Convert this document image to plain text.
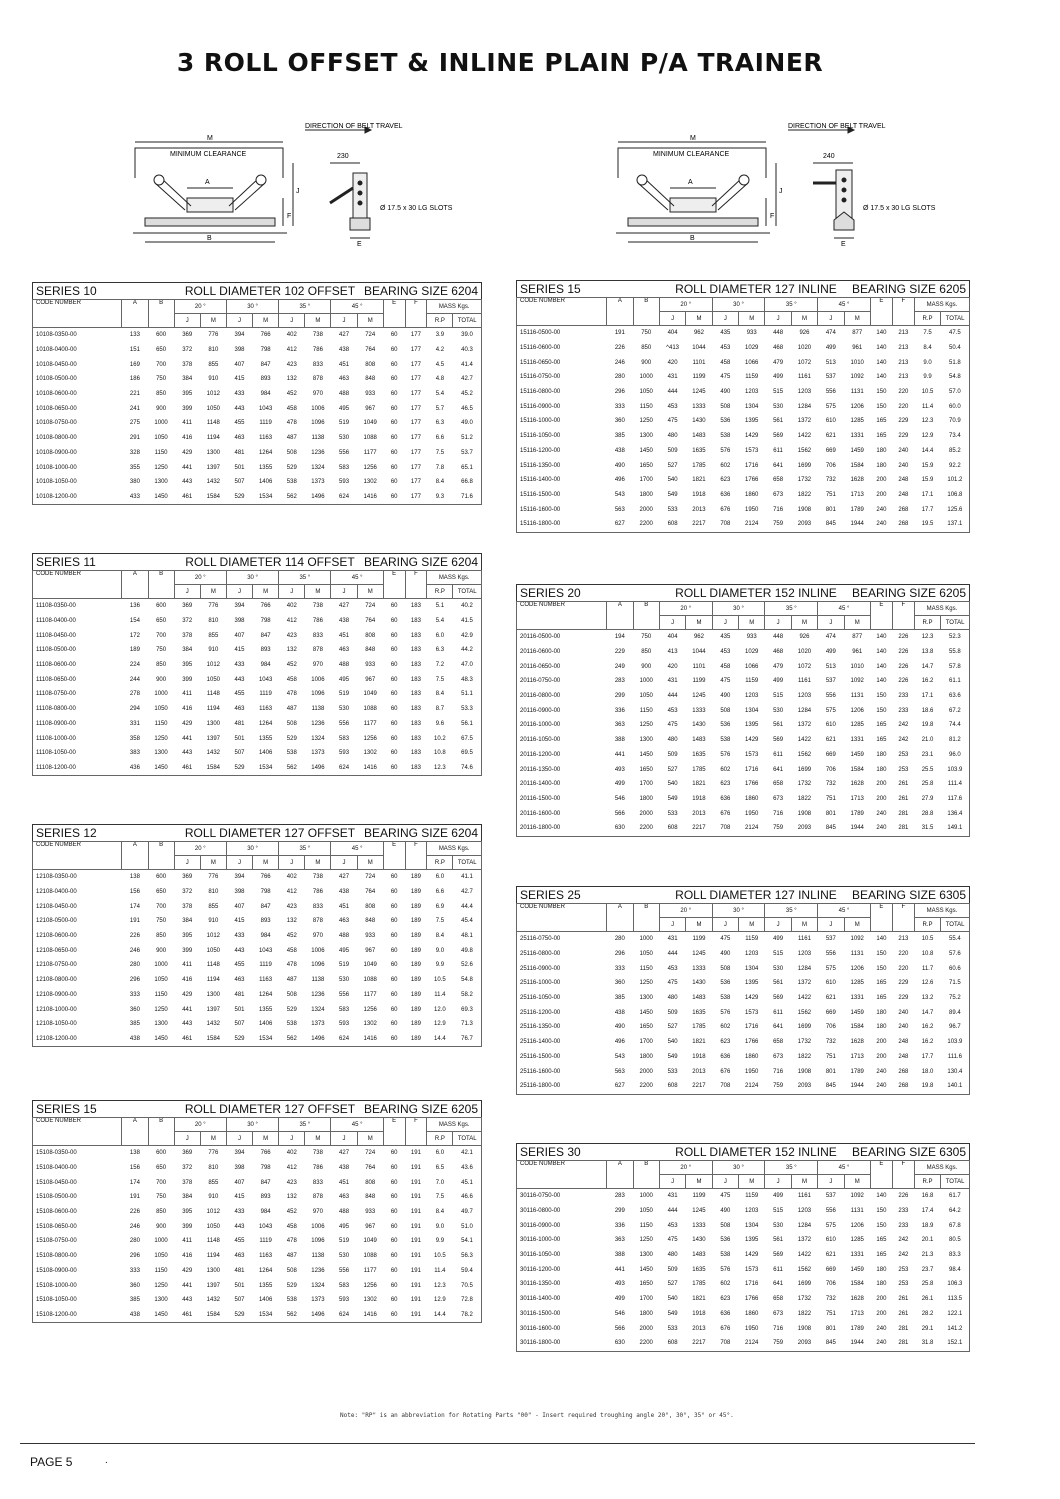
3 ROLL OFFSET & INLINE PLAIN P/A TRAINER
DIRECTION OF BELT TRAVEL
230
M
MINIMUM CLEARANCE
A
B
F
J
E
Ø 17.5 x 30 LG SLOTS
DIRECTION OF BELT TRAVEL
240
M
MINIMUM CLEARANCE
A
B
F
J
E
Ø 17.5 x 30 LG SLOTS
SERIES 10	ROLL DIAMETER 102 OFFSET BEARING SIZE 6204
CODE NUMBER	A	B	20 °		30 °		35 °		45 °		E	F	MASS Kgs.	
			J	M	J	M	J	M	J	M			R.P	TOTAL
10108-0350-00	133	600	369	776	394	766	402	738	427	724	60	177	3.9	39.0
10108-0400-00	151	650	372	810	398	798	412	786	438	764	60	177	4.2	40.3
10108-0450-00	169	700	378	855	407	847	423	833	451	808	60	177	4.5	41.4
10108-0500-00	186	750	384	910	415	893	132	878	463	848	60	177	4.8	42.7
10108-0600-00	221	850	395	1012	433	984	452	970	488	933	60	177	5.4	45.2
10108-0650-00	241	900	399	1050	443	1043	458	1006	495	967	60	177	5.7	46.5
10108-0750-00	275	1000	411	1148	455	1119	478	1096	519	1049	60	177	6.3	49.0
10108-0800-00	291	1050	416	1194	463	1163	487	1138	530	1088	60	177	6.6	51.2
10108-0900-00	328	1150	429	1300	481	1264	508	1236	556	1177	60	177	7.5	53.7
10108-1000-00	355	1250	441	1397	501	1355	529	1324	583	1256	60	177	7.8	65.1
10108-1050-00	380	1300	443	1432	507	1406	538	1373	593	1302	60	177	8.4	66.8
10108-1200-00	433	1450	461	1584	529	1534	562	1496	624	1416	60	177	9.3	71.6
SERIES 11	ROLL DIAMETER 114 OFFSET BEARING SIZE 6204
CODE NUMBER	A	B	20 °		30 °		35 °		45 °		E	F	MASS Kgs.	
			J	M	J	M	J	M	J	M			R.P	TOTAL
11108-0350-00	136	600	369	776	394	766	402	738	427	724	60	183	5.1	40.2
11108-0400-00	154	650	372	810	398	798	412	786	438	764	60	183	5.4	41.5
11108-0450-00	172	700	378	855	407	847	423	833	451	808	60	183	6.0	42.9
11108-0500-00	189	750	384	910	415	893	132	878	463	848	60	183	6.3	44.2
11108-0600-00	224	850	395	1012	433	984	452	970	488	933	60	183	7.2	47.0
11108-0650-00	244	900	399	1050	443	1043	458	1006	495	967	60	183	7.5	48.3
11108-0750-00	278	1000	411	1148	455	1119	478	1096	519	1049	60	183	8.4	51.1
11108-0800-00	294	1050	416	1194	463	1163	487	1138	530	1088	60	183	8.7	53.3
11108-0900-00	331	1150	429	1300	481	1264	508	1236	556	1177	60	183	9.6	56.1
11108-1000-00	358	1250	441	1397	501	1355	529	1324	583	1256	60	183	10.2	67.5
11108-1050-00	383	1300	443	1432	507	1406	538	1373	593	1302	60	183	10.8	69.5
11108-1200-00	436	1450	461	1584	529	1534	562	1496	624	1416	60	183	12.3	74.6
SERIES 12	ROLL DIAMETER 127 OFFSET BEARING SIZE 6204
CODE NUMBER	A	B	20 °		30 °		35 °		45 °		E	F	MASS Kgs.	
			J	M	J	M	J	M	J	M			R.P	TOTAL
12108-0350-00	138	600	369	776	394	766	402	738	427	724	60	189	6.0	41.1
12108-0400-00	156	650	372	810	398	798	412	786	438	764	60	189	6.6	42.7
12108-0450-00	174	700	378	855	407	847	423	833	451	808	60	189	6.9	44.4
12108-0500-00	191	750	384	910	415	893	132	878	463	848	60	189	7.5	45.4
12108-0600-00	226	850	395	1012	433	984	452	970	488	933	60	189	8.4	48.1
12108-0650-00	246	900	399	1050	443	1043	458	1006	495	967	60	189	9.0	49.8
12108-0750-00	280	1000	411	1148	455	1119	478	1096	519	1049	60	189	9.9	52.6
12108-0800-00	296	1050	416	1194	463	1163	487	1138	530	1088	60	189	10.5	54.8
12108-0900-00	333	1150	429	1300	481	1264	508	1236	556	1177	60	189	11.4	58.2
12108-1000-00	360	1250	441	1397	501	1355	529	1324	583	1256	60	189	12.0	69.3
12108-1050-00	385	1300	443	1432	507	1406	538	1373	593	1302	60	189	12.9	71.3
12108-1200-00	438	1450	461	1584	529	1534	562	1496	624	1416	60	189	14.4	76.7
SERIES 15	ROLL DIAMETER 127 OFFSET BEARING SIZE 6205
CODE NUMBER	A	B	20 °		30 °		35 °		45 °		E	F	MASS Kgs.	
			J	M	J	M	J	M	J	M			R.P	TOTAL
15108-0350-00	138	600	369	776	394	766	402	738	427	724	60	191	6.0	42.1
15108-0400-00	156	650	372	810	398	798	412	786	438	764	60	191	6.5	43.6
15108-0450-00	174	700	378	855	407	847	423	833	451	808	60	191	7.0	45.1
15108-0500-00	191	750	384	910	415	893	132	878	463	848	60	191	7.5	46.6
15108-0600-00	226	850	395	1012	433	984	452	970	488	933	60	191	8.4	49.7
15108-0650-00	246	900	399	1050	443	1043	458	1006	495	967	60	191	9.0	51.0
15108-0750-00	280	1000	411	1148	455	1119	478	1096	519	1049	60	191	9.9	54.1
15108-0800-00	296	1050	416	1194	463	1163	487	1138	530	1088	60	191	10.5	56.3
15108-0900-00	333	1150	429	1300	481	1264	508	1236	556	1177	60	191	11.4	59.4
15108-1000-00	360	1250	441	1397	501	1355	529	1324	583	1256	60	191	12.3	70.5
15108-1050-00	385	1300	443	1432	507	1406	538	1373	593	1302	60	191	12.9	72.8
15108-1200-00	438	1450	461	1584	529	1534	562	1496	624	1416	60	191	14.4	78.2
SERIES 15	ROLL DIAMETER 127 INLINE	BEARING SIZE 6205
CODE NUMBER	A	B	20 °		30 °		35 °		45 °		E	F	MASS Kgs.	
			J	M	J	M	J	M	J	M			R.P	TOTAL
15116-0500-00	191	750	404	962	435	933	448	926	474	877	140	213	7.5	47.5
15116-0600-00	226	850	^413	1044	453	1029	468	1020	499	961	140	213	8.4	50.4
15116-0650-00	246	900	420	1101	458	1066	479	1072	513	1010	140	213	9.0	51.8
15116-0750-00	280	1000	431	1199	475	1159	499	1161	537	1092	140	213	9.9	54.8
15116-0800-00	296	1050	444	1245	490	1203	515	1203	556	1131	150	220	10.5	57.0
15116-0900-00	333	1150	453	1333	508	1304	530	1284	575	1206	150	220	11.4	60.0
15116-1000-00	360	1250	475	1430	536	1395	561	1372	610	1285	165	229	12.3	70.9
15116-1050-00	385	1300	480	1483	538	1429	569	1422	621	1331	165	229	12.9	73.4
15116-1200-00	438	1450	509	1635	576	1573	611	1562	669	1459	180	240	14.4	85.2
15116-1350-00	490	1650	527	1785	602	1716	641	1699	706	1584	180	240	15.9	92.2
15116-1400-00	496	1700	540	1821	623	1766	658	1732	732	1628	200	248	15.9	101.2
15116-1500-00	543	1800	549	1918	636	1860	673	1822	751	1713	200	248	17.1	106.8
15116-1600-00	563	2000	533	2013	676	1950	716	1908	801	1789	240	268	17.7	125.6
15116-1800-00	627	2200	608	2217	708	2124	759	2093	845	1944	240	268	19.5	137.1
SERIES 20	ROLL DIAMETER 152 INLINE	BEARING SIZE 6205
CODE NUMBER	A	B	20 °		30 °		35 °		45 °		E	F	MASS Kgs.	
			J	M	J	M	J	M	J	M			R.P	TOTAL
20116-0500-00	194	750	404	962	435	933	448	926	474	877	140	226	12.3	52.3
20116-0600-00	229	850	413	1044	453	1029	468	1020	499	961	140	226	13.8	55.8
20116-0650-00	249	900	420	1101	458	1066	479	1072	513	1010	140	226	14.7	57.8
20116-0750-00	283	1000	431	1199	475	1159	499	1161	537	1092	140	226	16.2	61.1
20116-0800-00	299	1050	444	1245	490	1203	515	1203	556	1131	150	233	17.1	63.6
20116-0900-00	336	1150	453	1333	508	1304	530	1284	575	1206	150	233	18.6	67.2
20116-1000-00	363	1250	475	1430	536	1395	561	1372	610	1285	165	242	19.8	74.4
20116-1050-00	388	1300	480	1483	538	1429	569	1422	621	1331	165	242	21.0	81.2
20116-1200-00	441	1450	509	1635	576	1573	611	1562	669	1459	180	253	23.1	96.0
20116-1350-00	493	1650	527	1785	602	1716	641	1699	706	1584	180	253	25.5	103.9
20116-1400-00	499	1700	540	1821	623	1766	658	1732	732	1628	200	261	25.8	111.4
20116-1500-00	546	1800	549	1918	636	1860	673	1822	751	1713	200	261	27.9	117.6
20116-1600-00	566	2000	533	2013	676	1950	716	1908	801	1789	240	281	28.8	136.4
20116-1800-00	630	2200	608	2217	708	2124	759	2093	845	1944	240	281	31.5	149.1
SERIES 25	ROLL DIAMETER 127 INLINE	BEARING SIZE 6305
CODE NUMBER	A	B	20 °		30 °		35 °		45 °		E	F	MASS Kgs.	
			J	M	J	M	J	M	J	M			R.P	TOTAL
25116-0750-00	280	1000	431	1199	475	1159	499	1161	537	1092	140	213	10.5	55.4
25116-0800-00	296	1050	444	1245	490	1203	515	1203	556	1131	150	220	10.8	57.6
25116-0900-00	333	1150	453	1333	508	1304	530	1284	575	1206	150	220	11.7	60.6
25116-1000-00	360	1250	475	1430	536	1395	561	1372	610	1285	165	229	12.6	71.5
25116-1050-00	385	1300	480	1483	538	1429	569	1422	621	1331	165	229	13.2	75.2
25116-1200-00	438	1450	509	1635	576	1573	611	1562	669	1459	180	240	14.7	89.4
25116-1350-00	490	1650	527	1785	602	1716	641	1699	706	1584	180	240	16.2	96.7
25116-1400-00	496	1700	540	1821	623	1766	658	1732	732	1628	200	248	16.2	103.9
25116-1500-00	543	1800	549	1918	636	1860	673	1822	751	1713	200	248	17.7	111.6
25116-1600-00	563	2000	533	2013	676	1950	716	1908	801	1789	240	268	18.0	130.4
25116-1800-00	627	2200	608	2217	708	2124	759	2093	845	1944	240	268	19.8	140.1
SERIES 30	ROLL DIAMETER 152 INLINE	BEARING SIZE 6305
CODE NUMBER	A	B	20 °		30 °		35 °		45 °		E	F	MASS Kgs.	
			J	M	J	M	J	M	J	M			R.P	TOTAL
30116-0750-00	283	1000	431	1199	475	1159	499	1161	537	1092	140	226	16.8	61.7
30116-0800-00	299	1050	444	1245	490	1203	515	1203	556	1131	150	233	17.4	64.2
30116-0900-00	336	1150	453	1333	508	1304	530	1284	575	1206	150	233	18.9	67.8
30116-1000-00	363	1250	475	1430	536	1395	561	1372	610	1285	165	242	20.1	80.5
30116-1050-00	388	1300	480	1483	538	1429	569	1422	621	1331	165	242	21.3	83.3
30116-1200-00	441	1450	509	1635	576	1573	611	1562	669	1459	180	253	23.7	98.4
30116-1350-00	493	1650	527	1785	602	1716	641	1699	706	1584	180	253	25.8	106.3
30116-1400-00	499	1700	540	1821	623	1766	658	1732	732	1628	200	261	26.1	113.5
30116-1500-00	546	1800	549	1918	636	1860	673	1822	751	1713	200	261	28.2	122.1
30116-1600-00	566	2000	533	2013	676	1950	716	1908	801	1789	240	281	29.1	141.2
30116-1800-00	630	2200	608	2217	708	2124	759	2093	845	1944	240	281	31.8	152.1
Note: "RP" is an abbreviation for Rotating Parts "00" - Insert required troughing angle 20°, 30°, 35° or 45°.
PAGE 5	.
